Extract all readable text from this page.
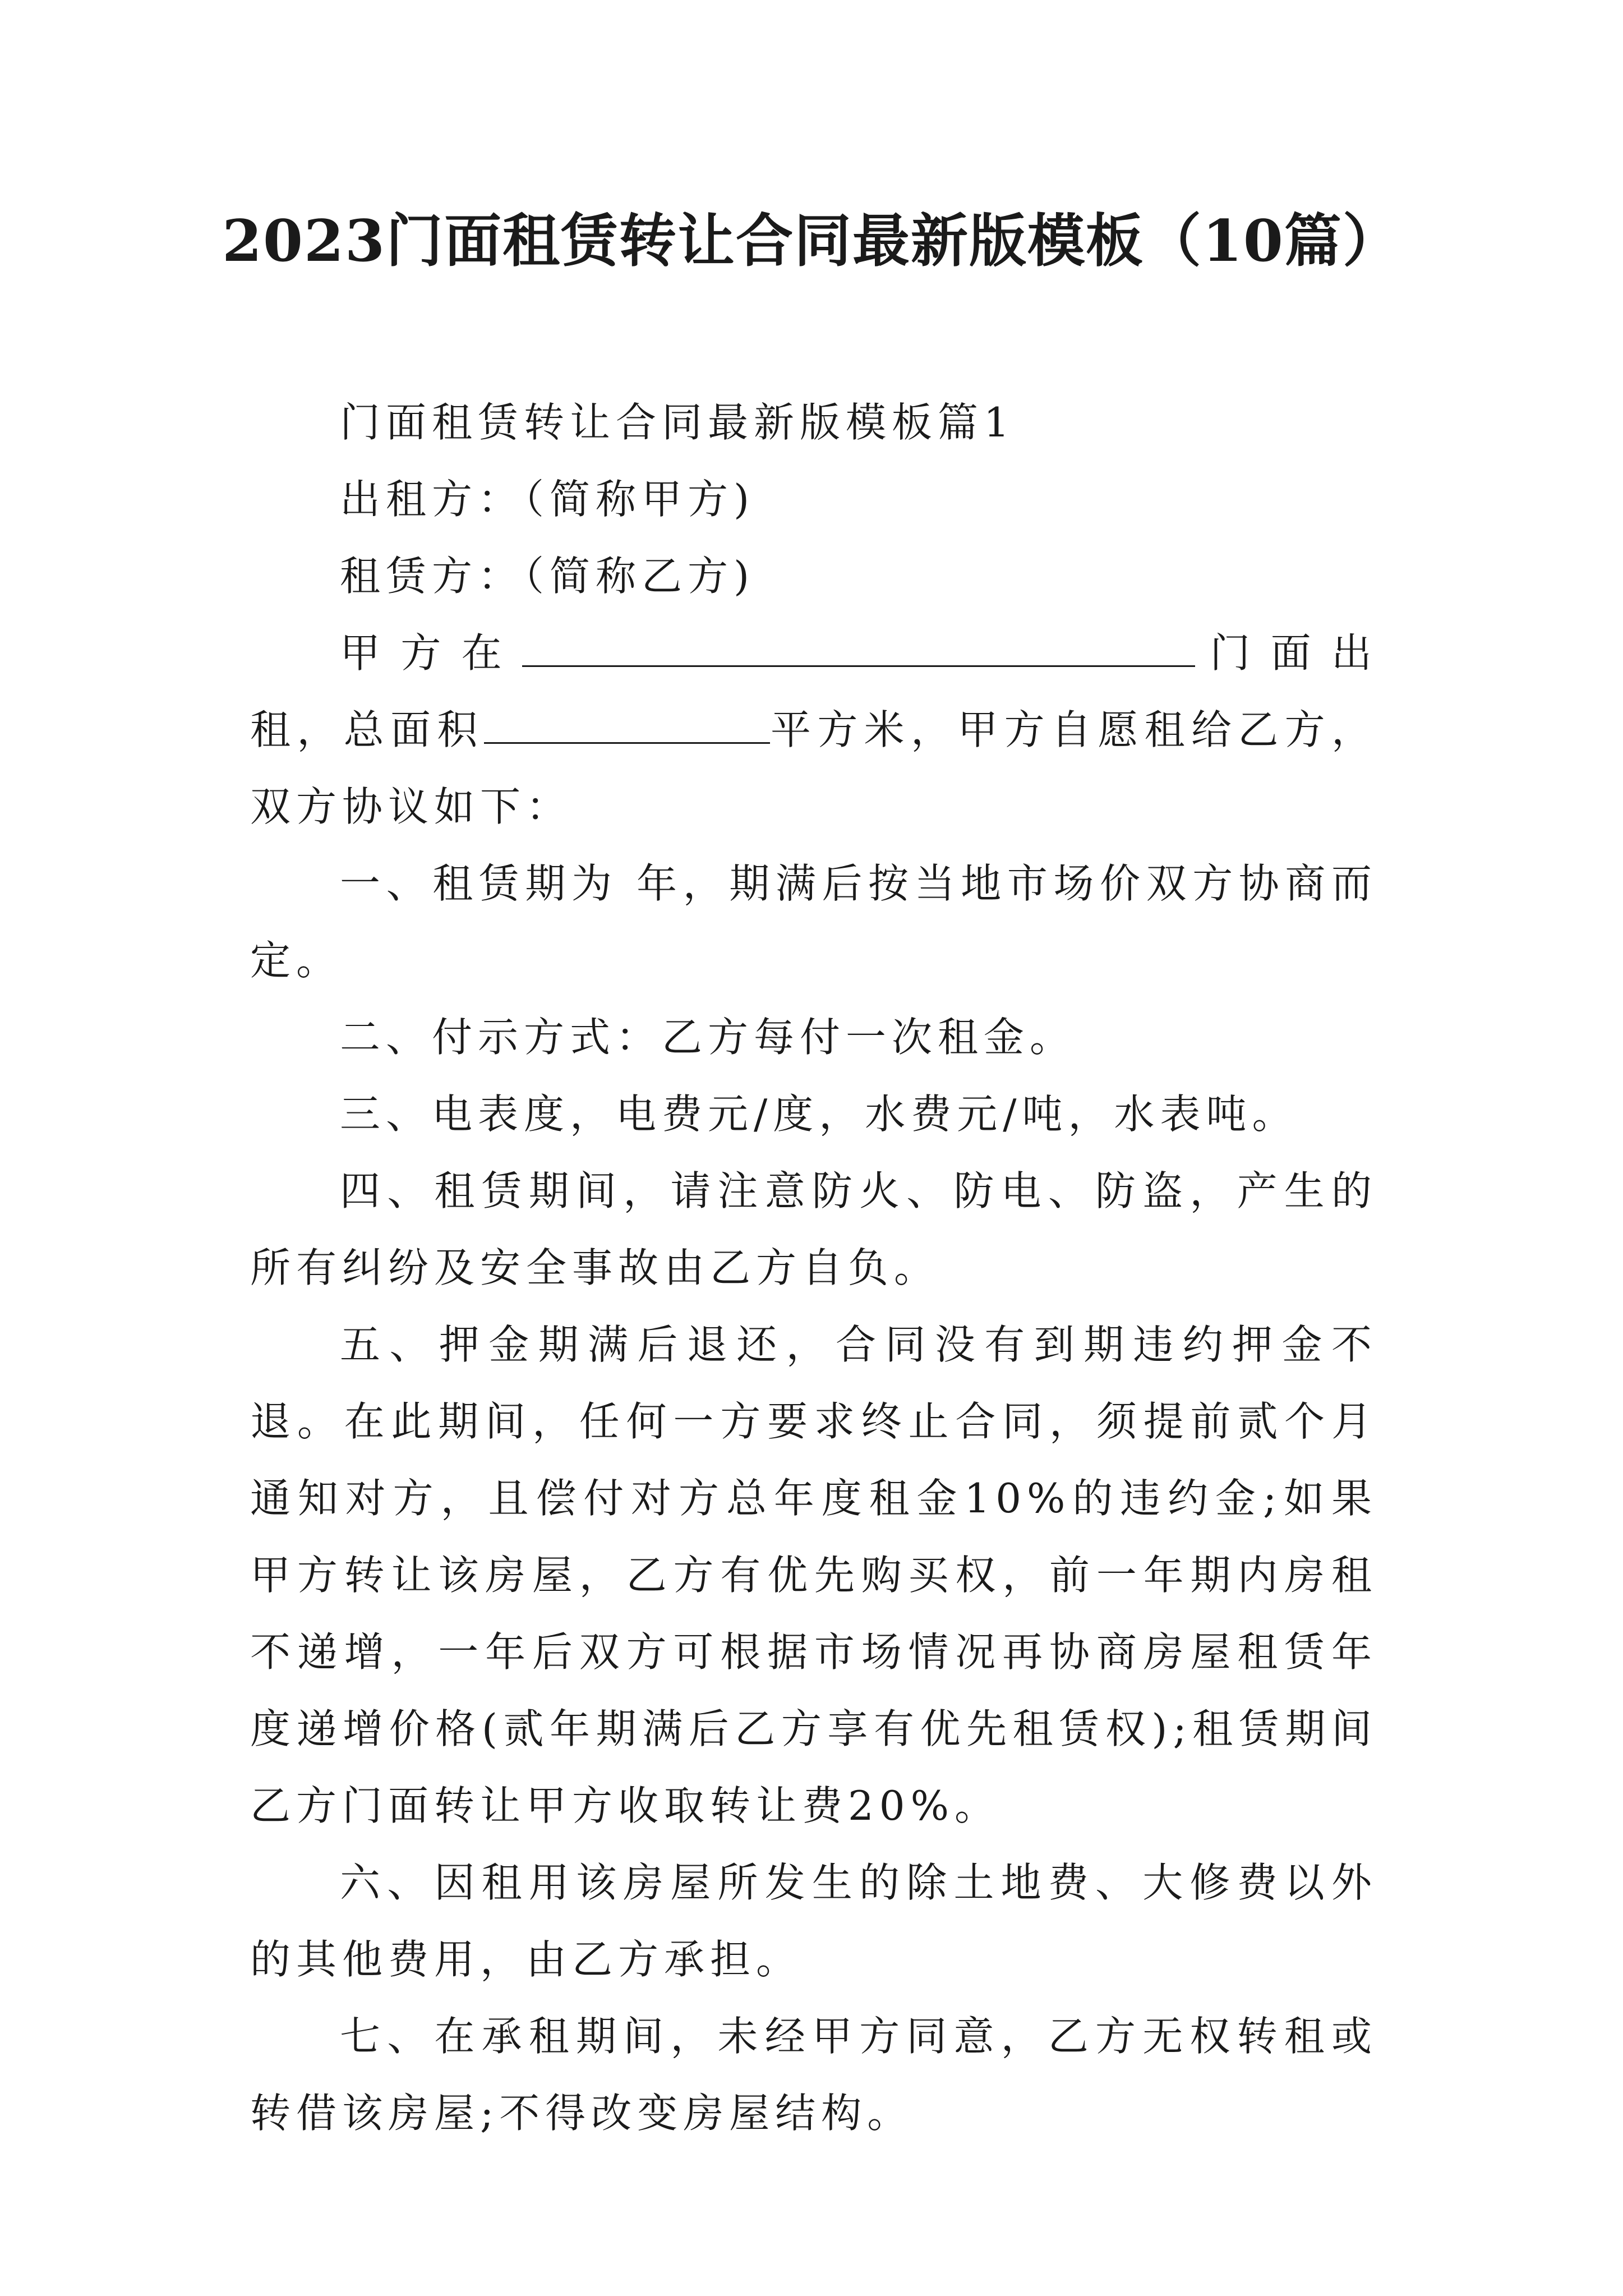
2023门面租赁转让合同最新版模板（10篇）

门面租赁转让合同最新版模板篇1

出租方：（简称甲方)

租赁方：（简称乙方)

甲方在	门面出租，总面积	平方米，甲方自愿租给乙方，双方协议如下：

一、租赁期为 年，期满后按当地市场价双方协商而定。

二、付示方式：乙方每付一次租金。

三、电表度，电费元/度，水费元/吨，水表吨。

四、租赁期间，请注意防火、防电、防盗，产生的所有纠纷及安全事故由乙方自负。

五、押金期满后退还，合同没有到期违约押金不退。在此期间，任何一方要求终止合同，须提前贰个月通知对方，且偿付对方总年度租金10%的违约金;如果甲方转让该房屋，乙方有优先购买权，前一年期内房租不递增，一年后双方可根据市场情况再协商房屋租赁年度递增价格(贰年期满后乙方享有优先租赁权);租赁期间乙方门面转让甲方收取转让费20%。

六、因租用该房屋所发生的除土地费、大修费以外的其他费用，由乙方承担。

七、在承租期间，未经甲方同意，乙方无权转租或转借该房屋;不得改变房屋结构。
